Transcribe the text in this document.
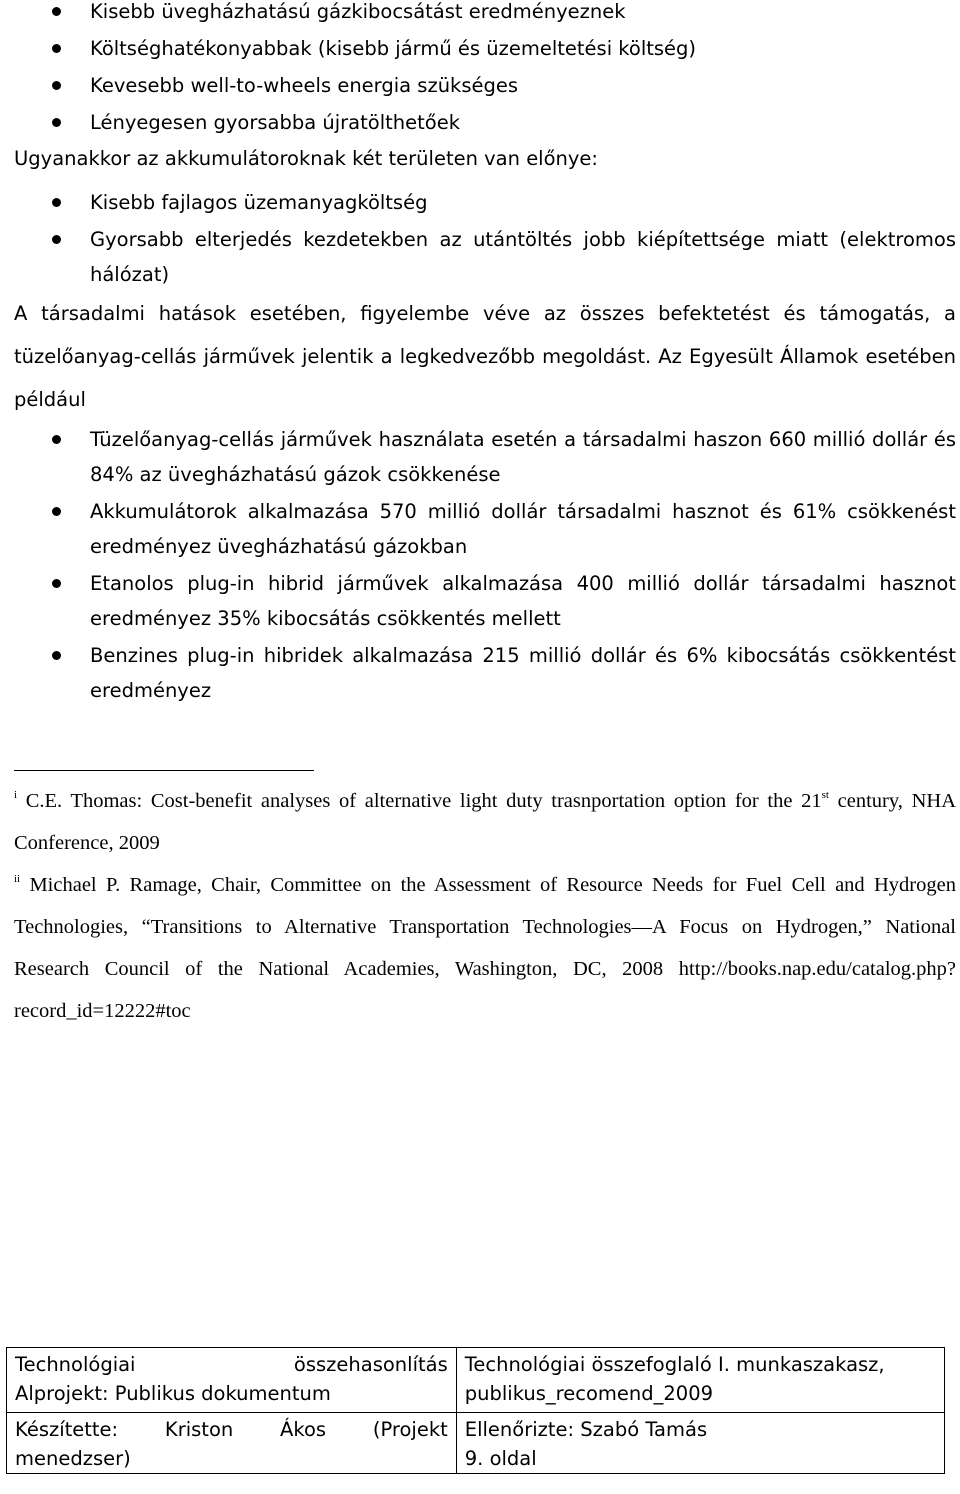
Kisebb üvegházhatású gázkibocsátást eredményeznek
Költséghatékonyabbak (kisebb jármű és üzemeltetési költség)
Kevesebb well-to-wheels energia szükséges
Lényegesen gyorsabba újratölthetőek

Ugyanakkor az akkumulátoroknak két területen van előnye:

Kisebb fajlagos üzemanyagköltség
Gyorsabb elterjedés kezdetekben az utántöltés jobb kiépítettsége miatt (elektromos hálózat)

A társadalmi hatások esetében, figyelembe véve az összes befektetést és támogatás, a tüzelőanyag-cellás járművek jelentik a legkedvezőbb megoldást. Az Egyesült Államok esetében például

Tüzelőanyag-cellás járművek használata esetén a társadalmi haszon 660 millió dollár és 84% az üvegházhatású gázok csökkenése
Akkumulátorok alkalmazása 570 millió dollár társadalmi hasznot és 61% csökkenést eredményez üvegházhatású gázokban
Etanolos plug-in hibrid járművek alkalmazása 400 millió dollár társadalmi hasznot eredményez 35% kibocsátás csökkentés mellett
Benzines plug-in hibridek alkalmazása 215 millió dollár és 6% kibocsátás csökkentést eredményez

$^i$ C.E. Thomas: Cost-benefit analyses of alternative light duty trasnportation option for the 21st century, NHA Conference, 2009

$^{ii}$ Michael P. Ramage, Chair, Committee on the Assessment of Resource Needs for Fuel Cell and Hydrogen Technologies, “Transitions to Alternative Transportation Technologies—A Focus on Hydrogen,” National Research Council of the National Academies, Washington, DC, 2008 http://books.nap.edu/catalog.php?record_id=12222#toc

Technológiai összehasonlítás
Alprojekt: Publikus dokumentum	Technológiai összefoglaló I. munkaszakasz, publikus_recomend_2009

Készítette: Kriston Ákos (Projekt
menedzser)	Ellenőrizte: Szabó Tamás
9. oldal
